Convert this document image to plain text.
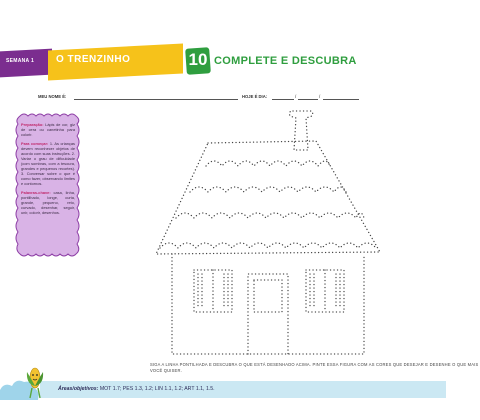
SEMANA 1 O TRENZINHO	10 COMPLETE E DESCUBRA
MEU NOME É:	HOJE É DIA:	/	/

Preparação: Lápis de cor, giz de cera ou canetinha para colorir.

Para começar: 1. As crianças devem reconhecer objetos de acordo com suas instruções. 2. Variar o grau de dificuldade (com sombras, com a tesoura, grandes e pequenos recortes). 3. Conversar sobre o que é como fazer, observando limites e contornos.

Palavras-chave: casa, linha, pontilhado, longe, curta, grande, pequeno, reto, curvado, desenhar, seguir, unir, colorir, desenhos.

SIGA A LINHA PONTILHADA E DESCUBRA O QUE ESTÁ DESENHADO ACIMA. PINTE ESSA FIGURA COM AS CORES QUE DESEJAR E DESENHE O QUE MAIS VOCÊ QUISER.
Áreas/objetivos: MOT 1.7; PES 1.3, 1.2; LIN 1.1, 1.2; ART 1.1, 1.5.
